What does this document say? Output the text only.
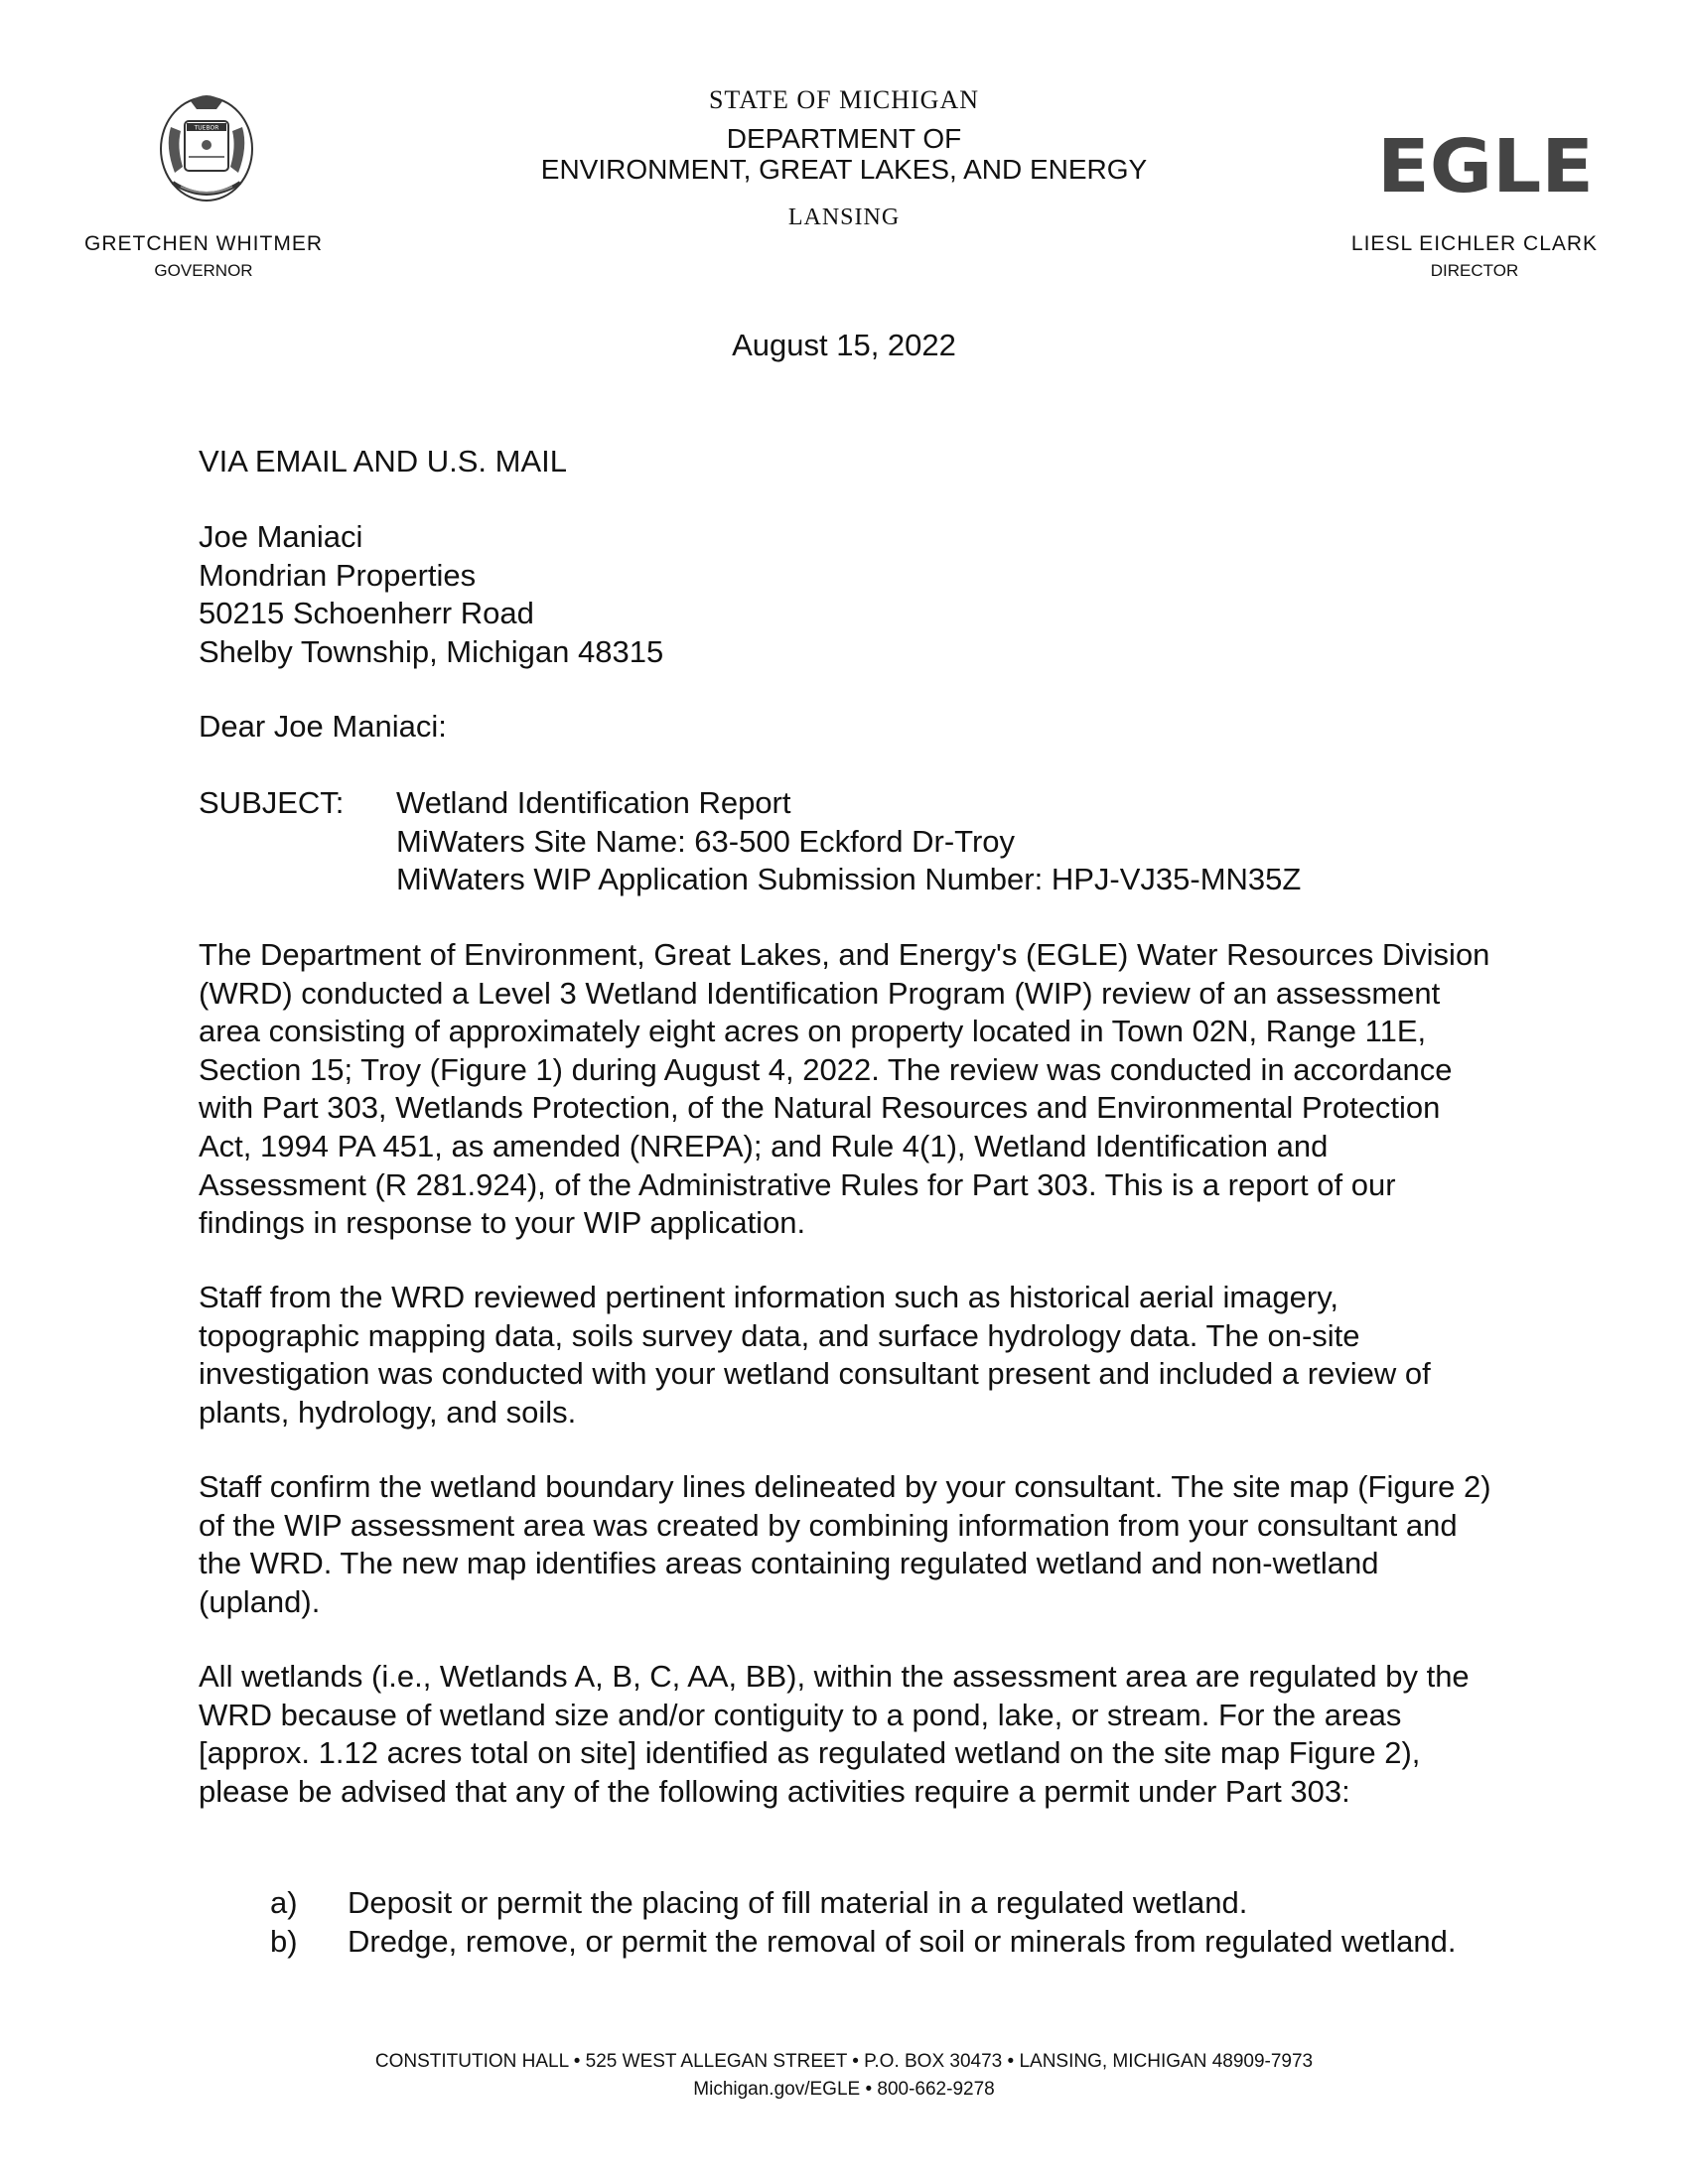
TUEBOR
GRETCHEN WHITMER
GOVERNOR
STATE OF MICHIGAN
DEPARTMENT OF
ENVIRONMENT, GREAT LAKES, AND ENERGY
LANSING
EGLE
LIESL EICHLER CLARK
DIRECTOR
August 15, 2022
VIA EMAIL AND U.S. MAIL
Joe Maniaci
Mondrian Properties
50215 Schoenherr Road
Shelby Township, Michigan 48315
Dear Joe Maniaci:
SUBJECT: Wetland Identification Report
MiWaters Site Name: 63-500 Eckford Dr-Troy
MiWaters WIP Application Submission Number: HPJ-VJ35-MN35Z
The Department of Environment, Great Lakes, and Energy's (EGLE) Water Resources Division (WRD) conducted a Level 3 Wetland Identification Program (WIP) review of an assessment area consisting of approximately eight acres on property located in Town 02N, Range 11E, Section 15; Troy (Figure 1) during August 4, 2022. The review was conducted in accordance with Part 303, Wetlands Protection, of the Natural Resources and Environmental Protection Act, 1994 PA 451, as amended (NREPA); and Rule 4(1), Wetland Identification and Assessment (R 281.924), of the Administrative Rules for Part 303. This is a report of our findings in response to your WIP application.
Staff from the WRD reviewed pertinent information such as historical aerial imagery, topographic mapping data, soils survey data, and surface hydrology data. The on-site investigation was conducted with your wetland consultant present and included a review of plants, hydrology, and soils.
Staff confirm the wetland boundary lines delineated by your consultant. The site map (Figure 2) of the WIP assessment area was created by combining information from your consultant and the WRD. The new map identifies areas containing regulated wetland and non-wetland (upland).
All wetlands (i.e., Wetlands A, B, C, AA, BB), within the assessment area are regulated by the WRD because of wetland size and/or contiguity to a pond, lake, or stream. For the areas [approx. 1.12 acres total on site] identified as regulated wetland on the site map Figure 2), please be advised that any of the following activities require a permit under Part 303:
a)	Deposit or permit the placing of fill material in a regulated wetland.
b)	Dredge, remove, or permit the removal of soil or minerals from regulated wetland.
CONSTITUTION HALL • 525 WEST ALLEGAN STREET • P.O. BOX 30473 • LANSING, MICHIGAN 48909-7973
Michigan.gov/EGLE • 800-662-9278
